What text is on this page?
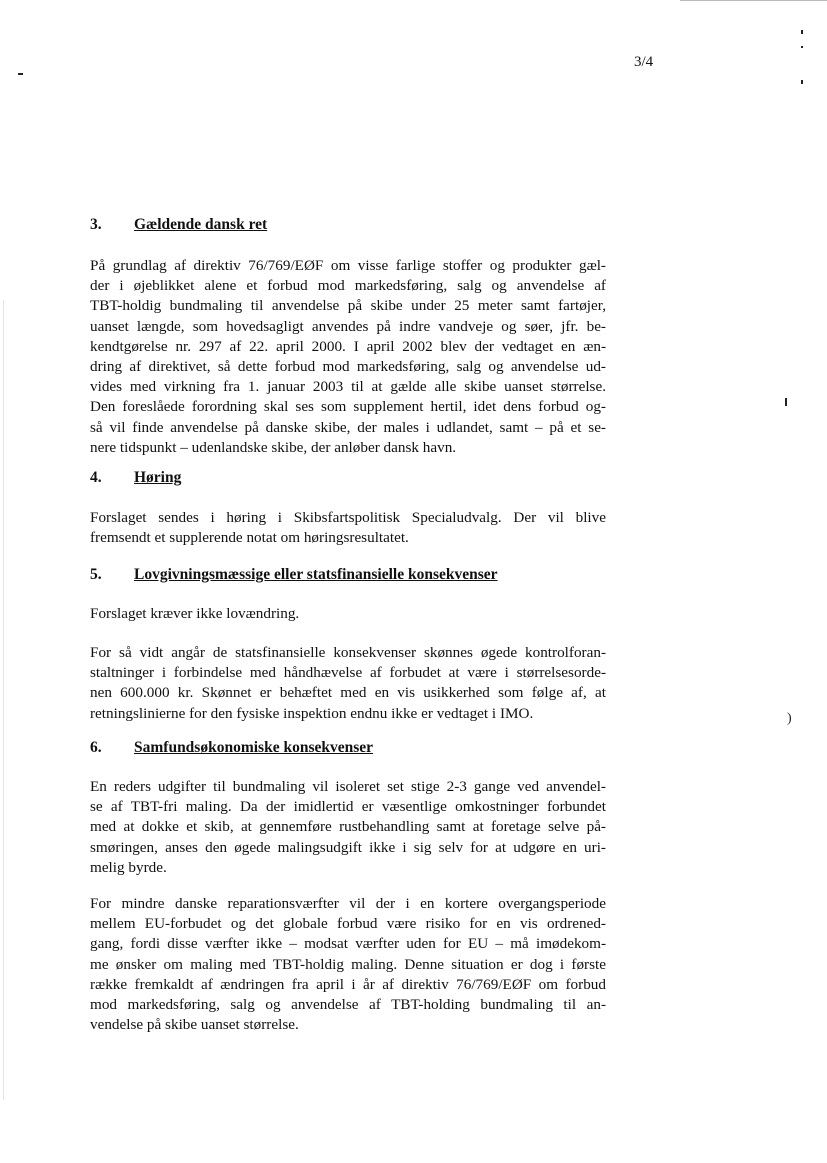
3/4
3. Gældende dansk ret
På grundlag af direktiv 76/769/EØF om visse farlige stoffer og produkter gæl-
der i øjeblikket alene et forbud mod markedsføring, salg og anvendelse af
TBT-holdig bundmaling til anvendelse på skibe under 25 meter samt fartøjer,
uanset længde, som hovedsagligt anvendes på indre vandveje og søer, jfr. be-
kendtgørelse nr. 297 af 22. april 2000. I april 2002 blev der vedtaget en æn-
dring af direktivet, så dette forbud mod markedsføring, salg og anvendelse ud-
vides med virkning fra 1. januar 2003 til at gælde alle skibe uanset størrelse.
Den foreslåede forordning skal ses som supplement hertil, idet dens forbud og-
så vil finde anvendelse på danske skibe, der males i udlandet, samt – på et se-
nere tidspunkt – udenlandske skibe, der anløber dansk havn.
4. Høring
Forslaget sendes i høring i Skibsfartspolitisk Specialudvalg. Der vil blive
fremsendt et supplerende notat om høringsresultatet.
5. Lovgivningsmæssige eller statsfinansielle konsekvenser
Forslaget kræver ikke lovændring.
For så vidt angår de statsfinansielle konsekvenser skønnes øgede kontrolforan-
staltninger i forbindelse med håndhævelse af forbudet at være i størrelsesorde-
nen 600.000 kr. Skønnet er behæftet med en vis usikkerhed som følge af, at
retningslinierne for den fysiske inspektion endnu ikke er vedtaget i IMO.
6. Samfundsøkonomiske konsekvenser
En reders udgifter til bundmaling vil isoleret set stige 2-3 gange ved anvendel-
se af TBT-fri maling. Da der imidlertid er væsentlige omkostninger forbundet
med at dokke et skib, at gennemføre rustbehandling samt at foretage selve på-
smøringen, anses den øgede malingsudgift ikke i sig selv for at udgøre en uri-
melig byrde.
For mindre danske reparationsværfter vil der i en kortere overgangsperiode
mellem EU-forbudet og det globale forbud være risiko for en vis ordrened-
gang, fordi disse værfter ikke – modsat værfter uden for EU – må imødekom-
me ønsker om maling med TBT-holdig maling. Denne situation er dog i første
række fremkaldt af ændringen fra april i år af direktiv 76/769/EØF om forbud
mod markedsføring, salg og anvendelse af TBT-holding bundmaling til an-
vendelse på skibe uanset størrelse.
)
